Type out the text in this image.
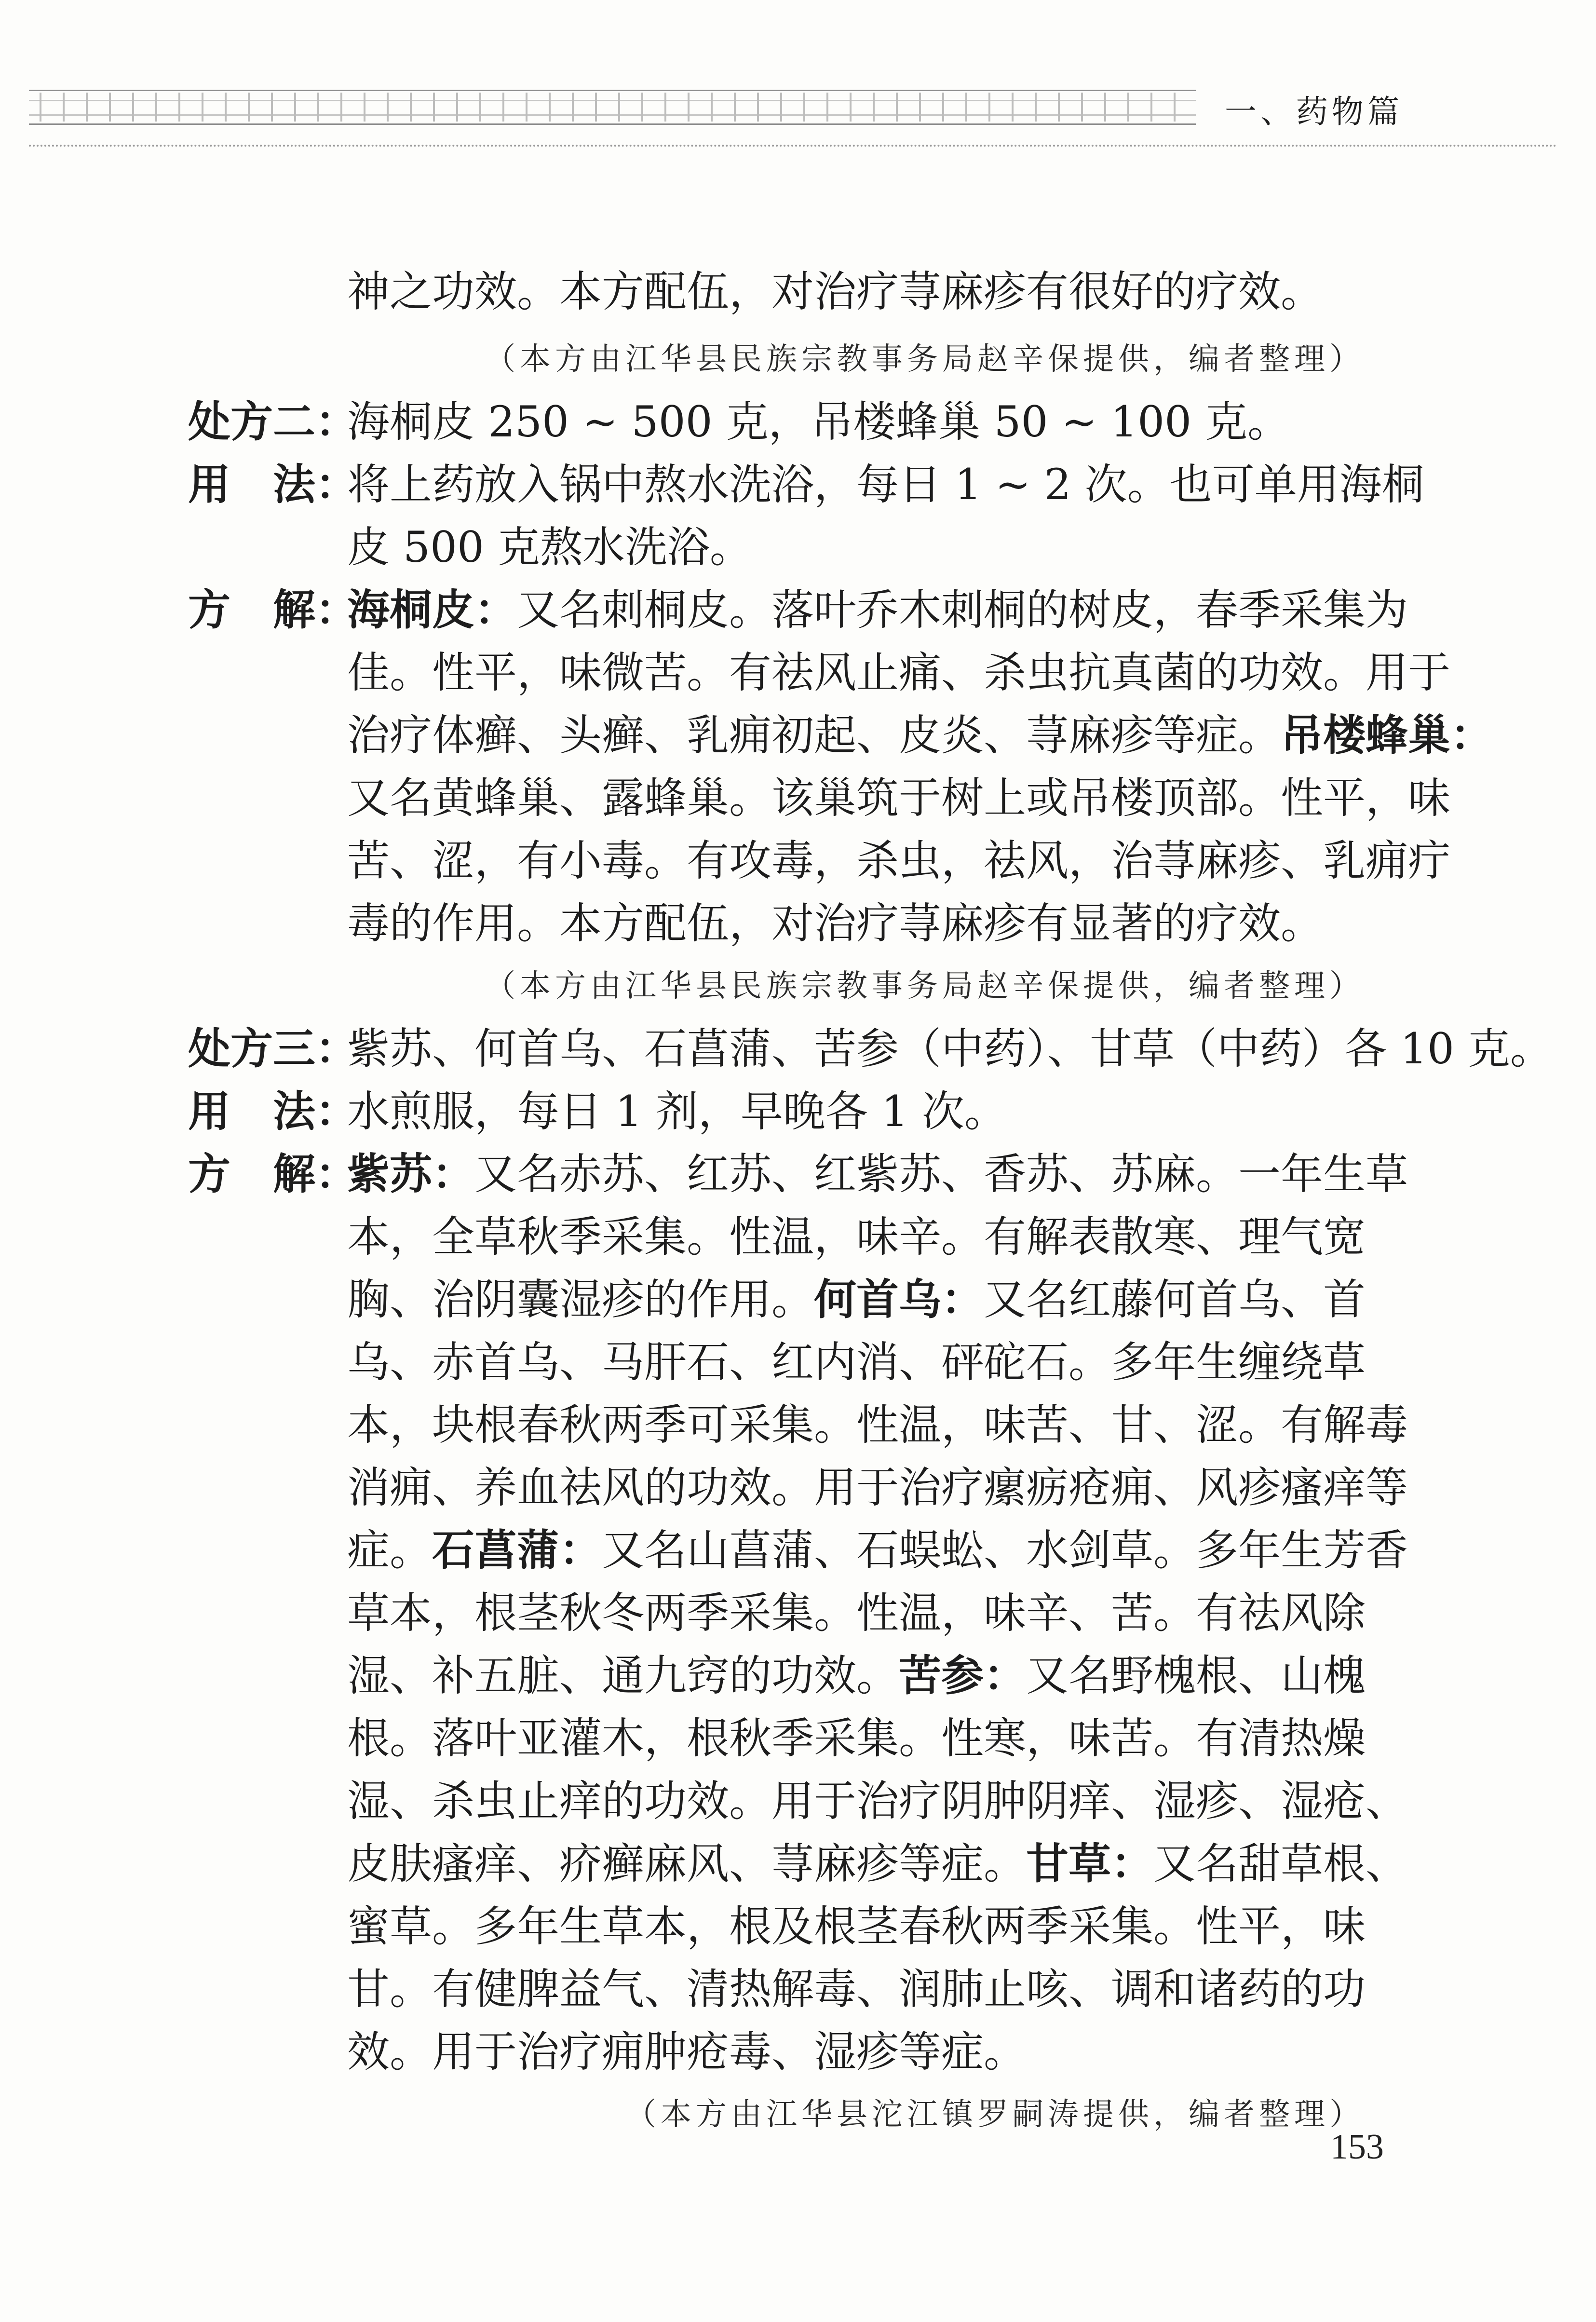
一、药物篇
神之功效。本方配伍，对治疗荨麻疹有很好的疗效。
（本方由江华县民族宗教事务局赵辛保提供，编者整理）
处方二：
海桐皮 250 ~ 500 克，吊楼蜂巢 50 ~ 100 克。
用　法：
将上药放入锅中熬水洗浴，每日 1 ~ 2 次。也可单用海桐
皮 500 克熬水洗浴。
方　解：
海桐皮：又名刺桐皮。落叶乔木刺桐的树皮，春季采集为
佳。性平，味微苦。有祛风止痛、杀虫抗真菌的功效。用于
治疗体癣、头癣、乳痈初起、皮炎、荨麻疹等症。吊楼蜂巢：
又名黄蜂巢、露蜂巢。该巢筑于树上或吊楼顶部。性平，味
苦、涩，有小毒。有攻毒，杀虫，祛风，治荨麻疹、乳痈疔
毒的作用。本方配伍，对治疗荨麻疹有显著的疗效。
（本方由江华县民族宗教事务局赵辛保提供，编者整理）
处方三：
紫苏、何首乌、石菖蒲、苦参（中药）、甘草（中药）各 10 克。
用　法：
水煎服，每日 1 剂，早晚各 1 次。
方　解：
紫苏：又名赤苏、红苏、红紫苏、香苏、苏麻。一年生草
本，全草秋季采集。性温，味辛。有解表散寒、理气宽
胸、治阴囊湿疹的作用。何首乌：又名红藤何首乌、首
乌、赤首乌、马肝石、红内消、砰砣石。多年生缠绕草
本，块根春秋两季可采集。性温，味苦、甘、涩。有解毒
消痈、养血祛风的功效。用于治疗瘰疬疮痈、风疹瘙痒等
症。石菖蒲：又名山菖蒲、石蜈蚣、水剑草。多年生芳香
草本，根茎秋冬两季采集。性温，味辛、苦。有祛风除
湿、补五脏、通九窍的功效。苦参：又名野槐根、山槐
根。落叶亚灌木，根秋季采集。性寒，味苦。有清热燥
湿、杀虫止痒的功效。用于治疗阴肿阴痒、湿疹、湿疮、
皮肤瘙痒、疥癣麻风、荨麻疹等症。甘草：又名甜草根、
蜜草。多年生草本，根及根茎春秋两季采集。性平，味
甘。有健脾益气、清热解毒、润肺止咳、调和诸药的功
效。用于治疗痈肿疮毒、湿疹等症。
（本方由江华县沱江镇罗嗣涛提供，编者整理）
153
